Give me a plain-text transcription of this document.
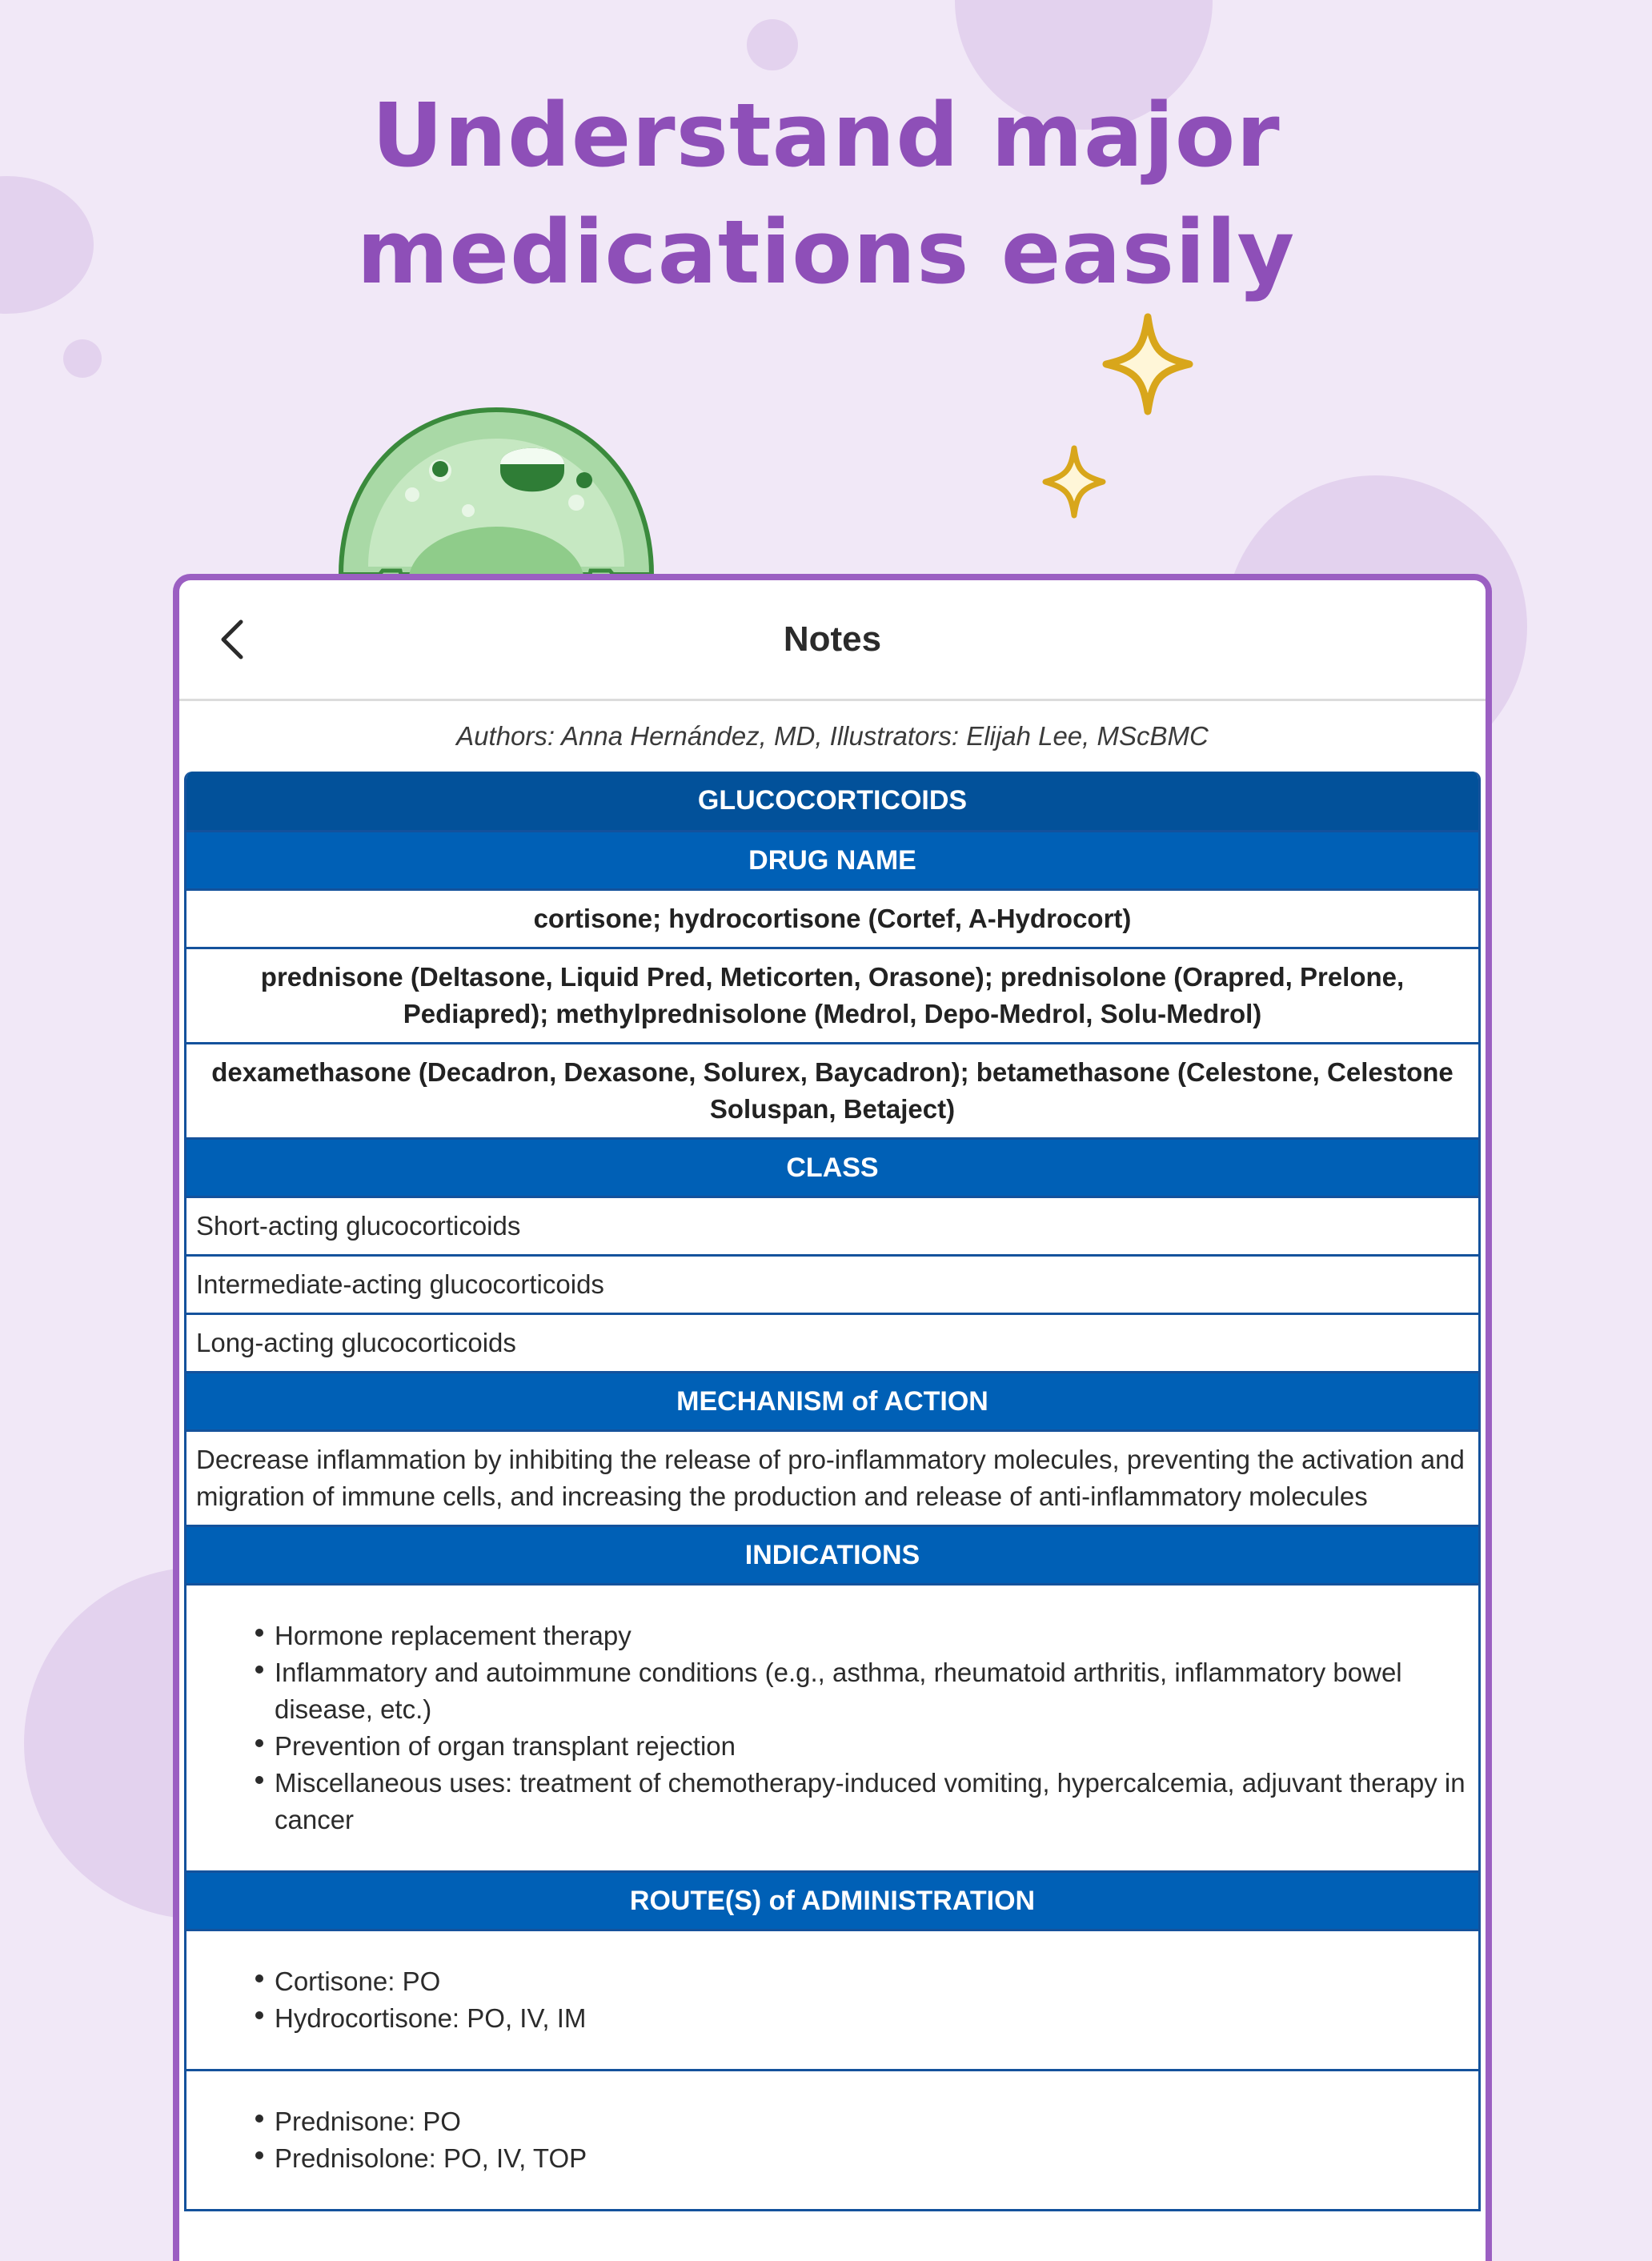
Understand major
medications easily
Notes
Authors: Anna Hernández, MD, Illustrators: Elijah Lee, MScBMC
GLUCOCORTICOIDS
DRUG NAME
cortisone; hydrocortisone (Cortef, A-Hydrocort)
prednisone (Deltasone, Liquid Pred, Meticorten, Orasone); prednisolone (Orapred, Prelone, Pediapred); methylprednisolone (Medrol, Depo-Medrol, Solu-Medrol)
dexamethasone (Decadron, Dexasone, Solurex, Baycadron); betamethasone (Celestone, Celestone Soluspan, Betaject)
CLASS
Short-acting glucocorticoids
Intermediate-acting glucocorticoids
Long-acting glucocorticoids
MECHANISM of ACTION
Decrease inflammation by inhibiting the release of pro-inflammatory molecules, preventing the activation and migration of immune cells, and increasing the production and release of anti-inflammatory molecules
INDICATIONS
Hormone replacement therapy
Inflammatory and autoimmune conditions (e.g., asthma, rheumatoid arthritis, inflammatory bowel disease, etc.)
Prevention of organ transplant rejection
Miscellaneous uses: treatment of chemotherapy-induced vomiting, hypercalcemia, adjuvant therapy in cancer
ROUTE(S) of ADMINISTRATION
Cortisone: PO
Hydrocortisone: PO, IV, IM
Prednisone: PO
Prednisolone: PO, IV, TOP
